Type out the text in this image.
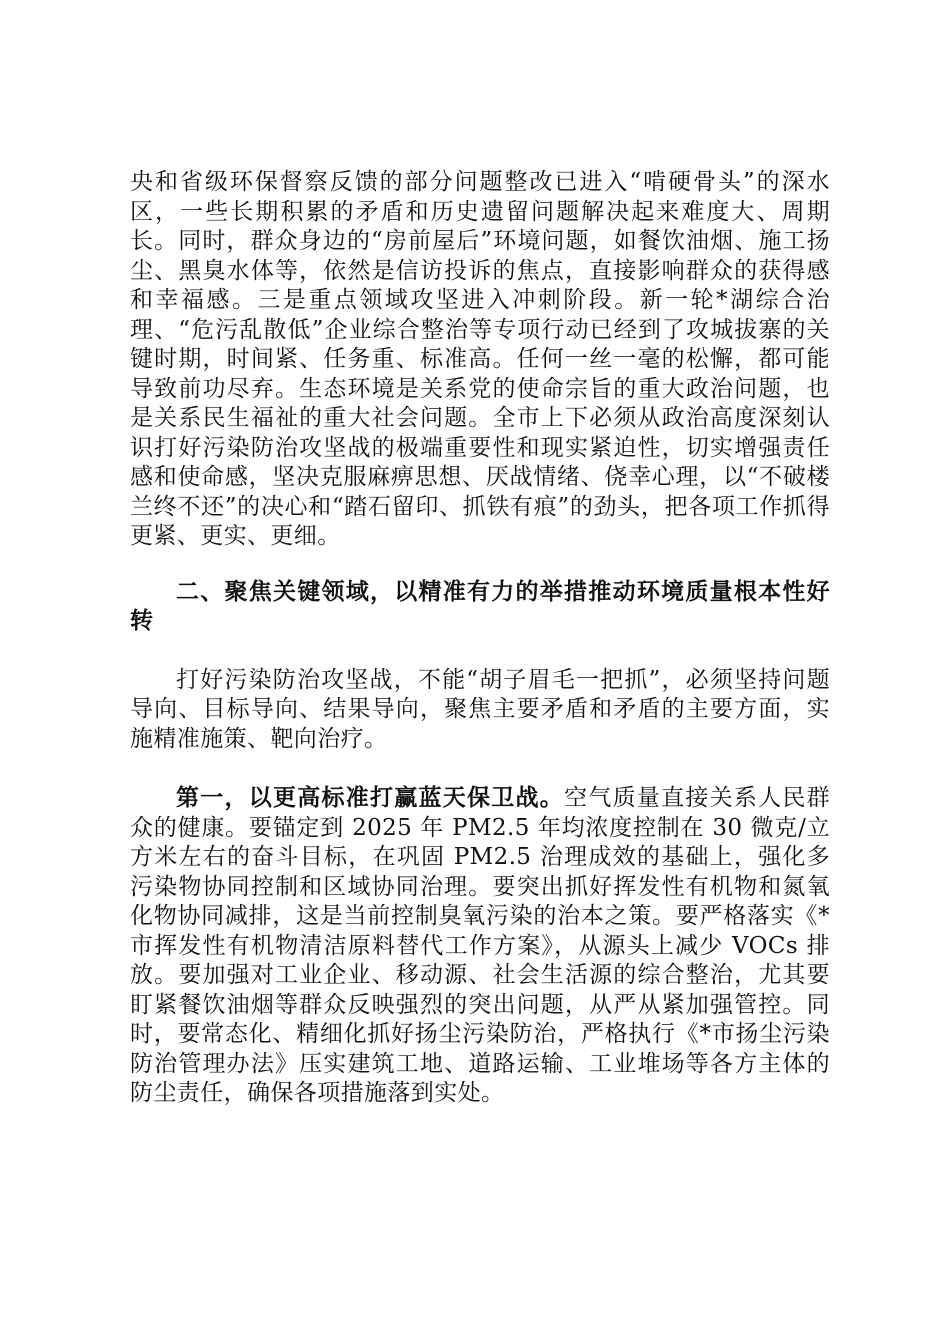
央和省级环保督察反馈的部分问题整改已进入“啃硬骨头”的深水区，一些长期积累的矛盾和历史遗留问题解决起来难度大、周期长。同时，群众身边的“房前屋后”环境问题，如餐饮油烟、施工扬尘、黑臭水体等，依然是信访投诉的焦点，直接影响群众的获得感和幸福感。三是重点领域攻坚进入冲刺阶段。新一轮*湖综合治理、“危污乱散低”企业综合整治等专项行动已经到了攻城拔寨的关键时期，时间紧、任务重、标准高。任何一丝一毫的松懈，都可能导致前功尽弃。生态环境是关系党的使命宗旨的重大政治问题，也是关系民生福祉的重大社会问题。全市上下必须从政治高度深刻认识打好污染防治攻坚战的极端重要性和现实紧迫性，切实增强责任感和使命感，坚决克服麻痹思想、厌战情绪、侥幸心理，以“不破楼兰终不还”的决心和“踏石留印、抓铁有痕”的劲头，把各项工作抓得更紧、更实、更细。

二、聚焦关键领域，以精准有力的举措推动环境质量根本性好转

打好污染防治攻坚战，不能“胡子眉毛一把抓”，必须坚持问题导向、目标导向、结果导向，聚焦主要矛盾和矛盾的主要方面，实施精准施策、靶向治疗。

第一，以更高标准打赢蓝天保卫战。空气质量直接关系人民群众的健康。要锚定到 2025 年 PM2.5 年均浓度控制在 30 微克/立方米左右的奋斗目标，在巩固 PM2.5 治理成效的基础上，强化多污染物协同控制和区域协同治理。要突出抓好挥发性有机物和氮氧化物协同减排，这是当前控制臭氧污染的治本之策。要严格落实《*市挥发性有机物清洁原料替代工作方案》，从源头上减少 VOCs 排放。要加强对工业企业、移动源、社会生活源的综合整治，尤其要盯紧餐饮油烟等群众反映强烈的突出问题，从严从紧加强管控。同时，要常态化、精细化抓好扬尘污染防治，严格执行《*市扬尘污染防治管理办法》压实建筑工地、道路运输、工业堆场等各方主体的防尘责任，确保各项措施落到实处。
